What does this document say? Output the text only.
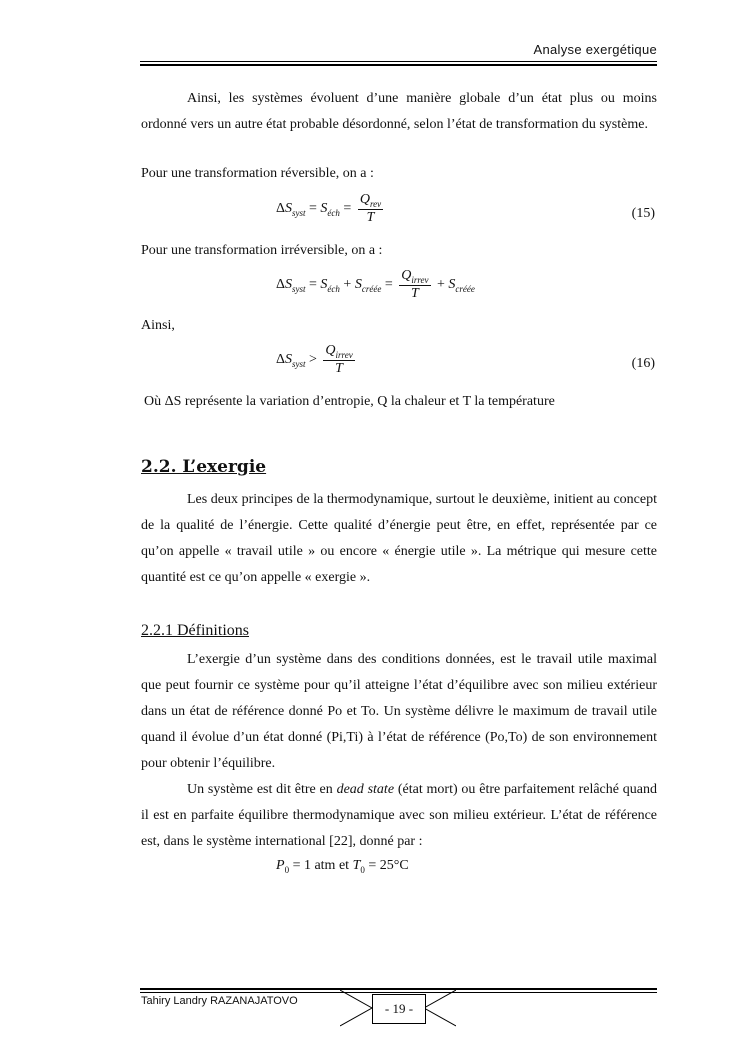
Analyse exergétique

Ainsi, les systèmes évoluent d’une manière globale d’un état plus ou moins ordonné vers un autre état probable désordonné, selon l’état de transformation du système.

Pour une transformation réversible, on a :
$\Delta S_{syst} = S_{éch} = \frac{Q_{rev}}{T}$	(15)
Pour une transformation irréversible, on a :
$\Delta S_{syst} = S_{éch} + S_{créée} = \frac{Q_{irrev}}{T} + S_{créée}$
Ainsi,
$\Delta S_{syst} > \frac{Q_{irrev}}{T}$	(16)
Où ΔS représente la variation d’entropie, Q la chaleur et T la température
2.2. L’exergie

Les deux principes de la thermodynamique, surtout le deuxième, initient au concept de la qualité de l’énergie. Cette qualité d’énergie peut être, en effet, représentée par ce qu’on appelle « travail utile » ou encore « énergie utile ». La métrique qui mesure cette quantité est ce qu’on appelle « exergie ».

2.2.1 Définitions

L’exergie d’un système dans des conditions données, est le travail utile maximal que peut fournir ce système pour qu’il atteigne l’état d’équilibre avec son milieu extérieur dans un état de référence donné Po et To. Un système délivre le maximum de travail utile quand il évolue d’un état donné (Pi,Ti) à l’état de référence (Po,To) de son environnement pour obtenir l’équilibre.

Un système est dit être en dead state (état mort) ou être parfaitement relâché quand il est en parfaite équilibre thermodynamique avec son milieu extérieur. L’état de référence est, dans le système international [22], donné par :

$P_0 = 1$ atm et $T_0 = 25^\circ C$
Tahiry Landry RAZANAJATOVO	- 19 -
